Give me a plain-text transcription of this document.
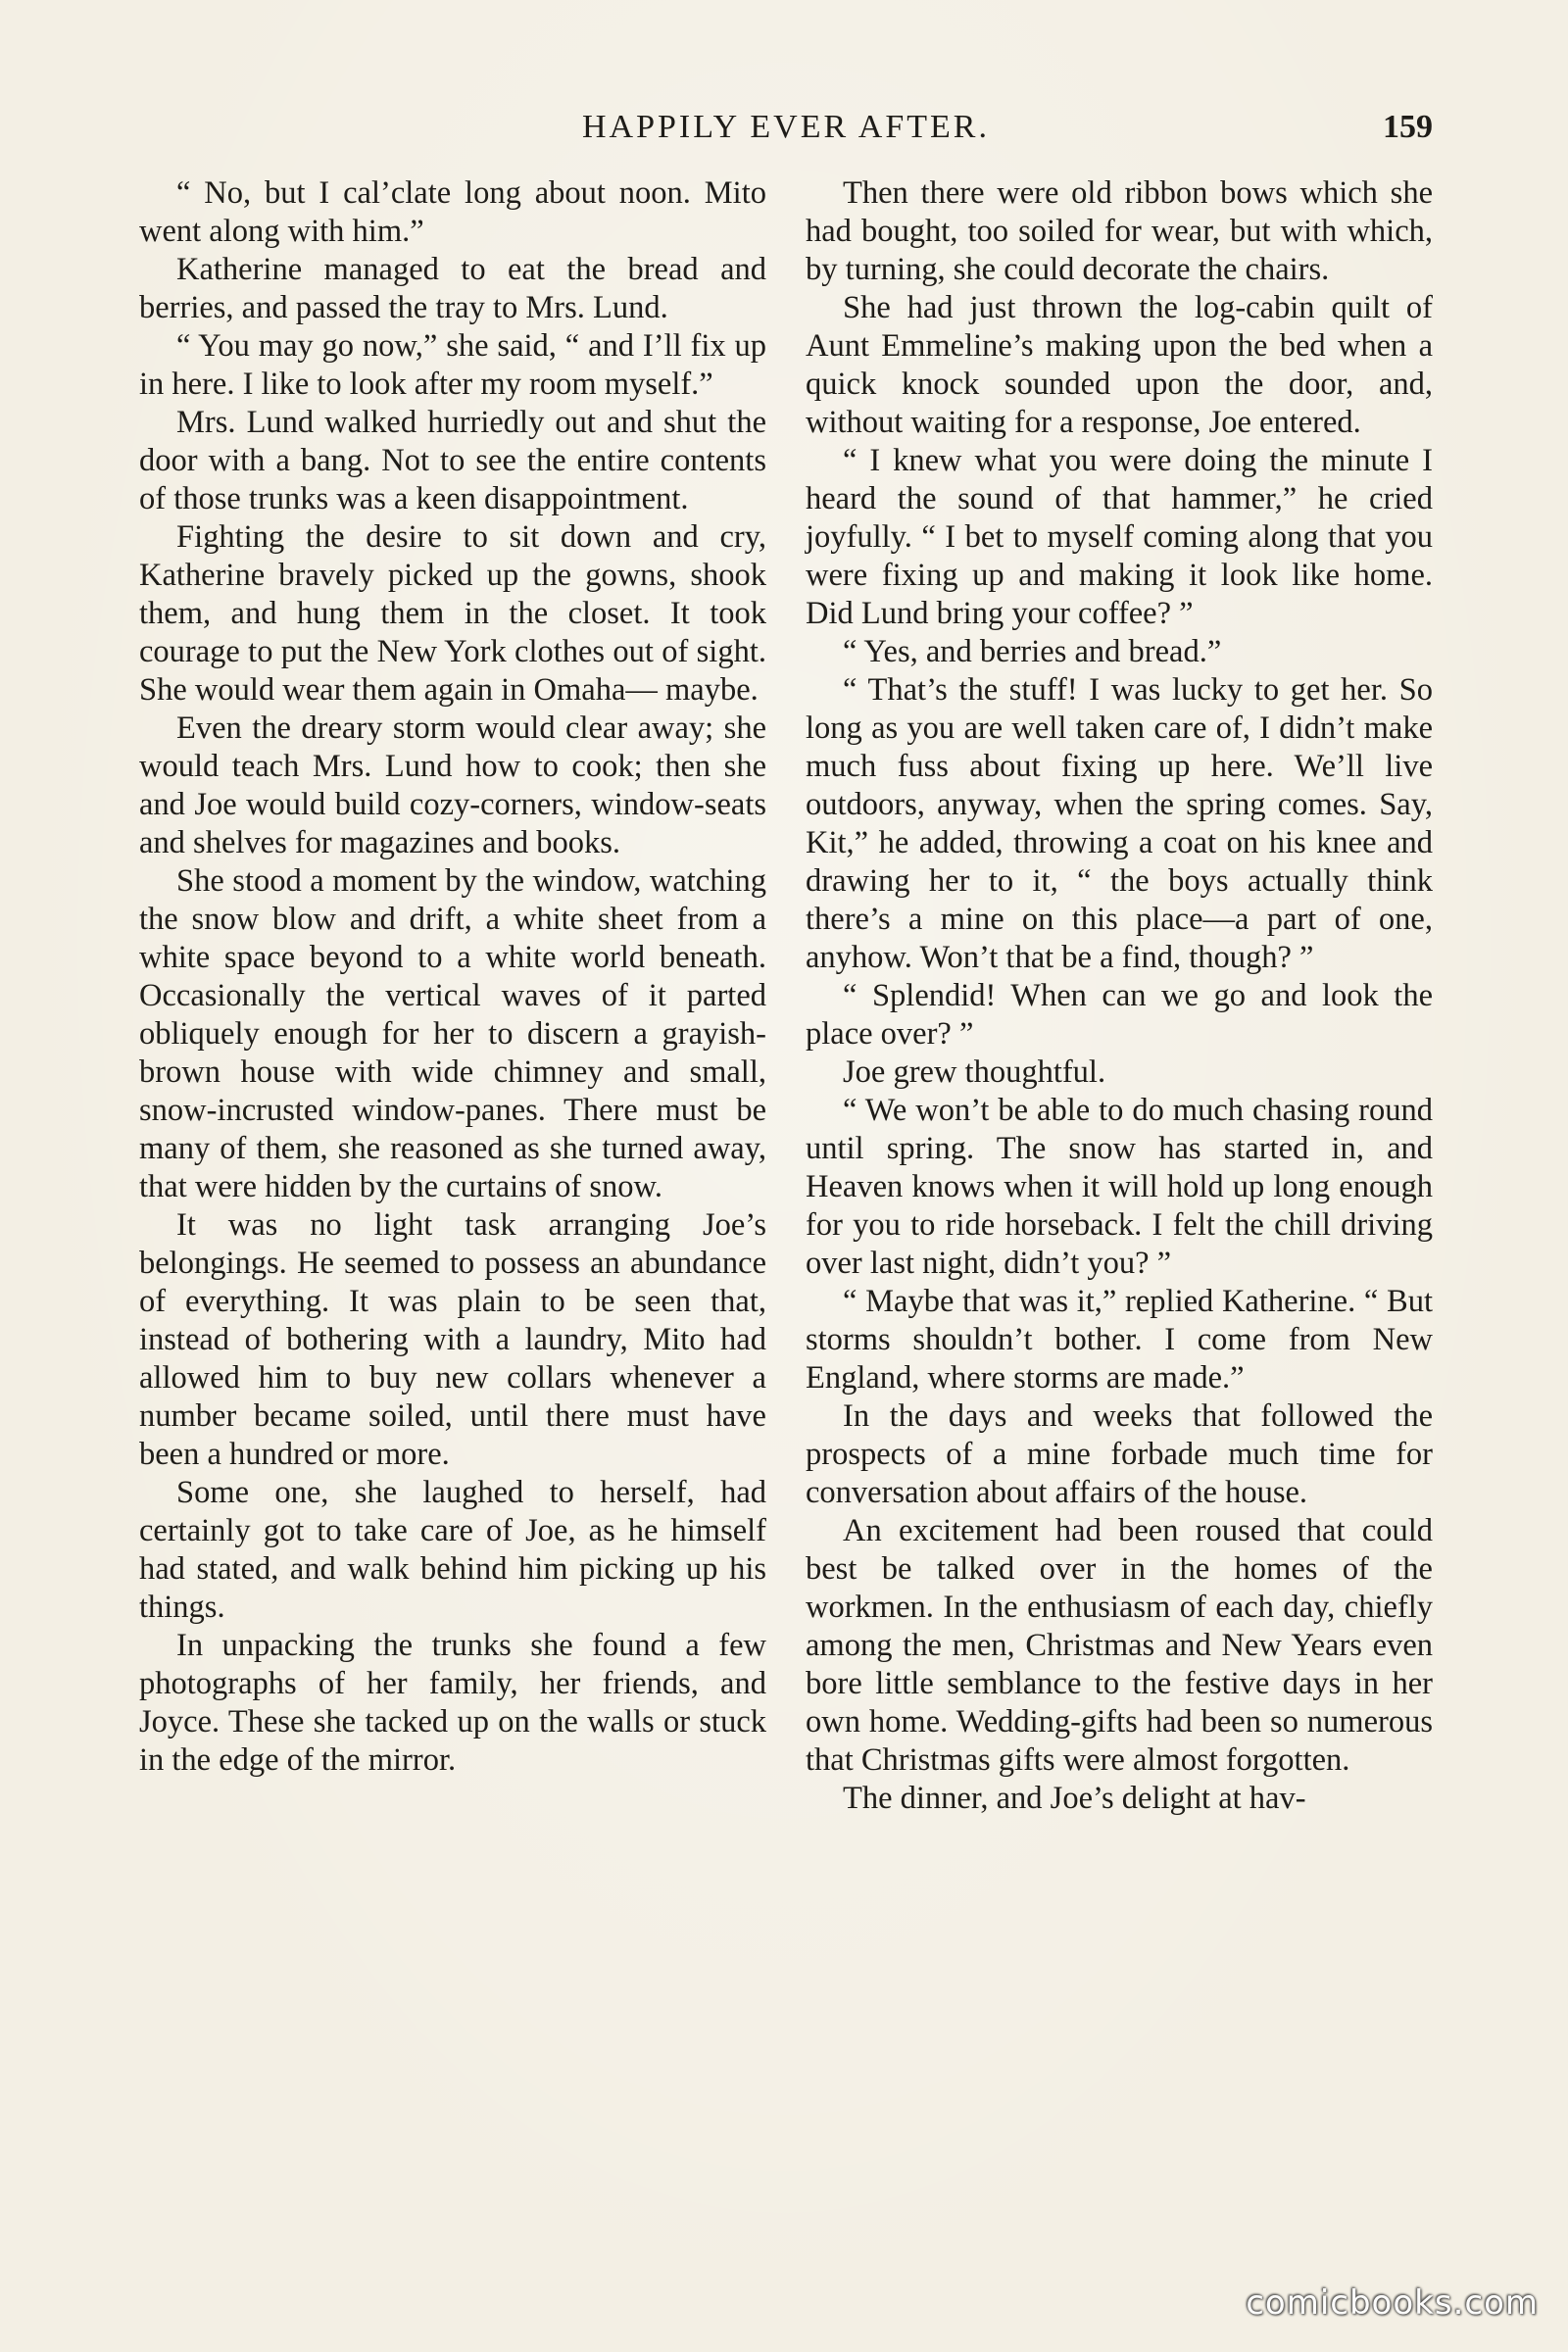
HAPPILY EVER AFTER.	159

“ No, but I cal’clate long about noon. Mito went along with him.”

Katherine managed to eat the bread and berries, and passed the tray to Mrs. Lund.

“ You may go now,” she said, “ and I’ll fix up in here. I like to look after my room myself.”

Mrs. Lund walked hurriedly out and shut the door with a bang. Not to see the entire contents of those trunks was a keen disappointment.

Fighting the desire to sit down and cry, Katherine bravely picked up the gowns, shook them, and hung them in the closet. It took courage to put the New York clothes out of sight. She would wear them again in Omaha— maybe.

Even the dreary storm would clear away; she would teach Mrs. Lund how to cook; then she and Joe would build cozy-corners, window-seats and shelves for magazines and books.

She stood a moment by the window, watching the snow blow and drift, a white sheet from a white space beyond to a white world beneath. Occasionally the vertical waves of it parted obliquely enough for her to discern a grayish-brown house with wide chimney and small, snow-incrusted window-panes. There must be many of them, she reasoned as she turned away, that were hidden by the curtains of snow.

It was no light task arranging Joe’s belongings. He seemed to possess an abundance of everything. It was plain to be seen that, instead of bothering with a laundry, Mito had allowed him to buy new collars whenever a number became soiled, until there must have been a hundred or more.

Some one, she laughed to herself, had certainly got to take care of Joe, as he himself had stated, and walk behind him picking up his things.

In unpacking the trunks she found a few photographs of her family, her friends, and Joyce. These she tacked up on the walls or stuck in the edge of the mirror.

Then there were old ribbon bows which she had bought, too soiled for wear, but with which, by turning, she could decorate the chairs.

She had just thrown the log-cabin quilt of Aunt Emmeline’s making upon the bed when a quick knock sounded upon the door, and, without waiting for a response, Joe entered.

“ I knew what you were doing the minute I heard the sound of that hammer,” he cried joyfully. “ I bet to myself coming along that you were fixing up and making it look like home. Did Lund bring your coffee? ”

“ Yes, and berries and bread.”

“ That’s the stuff! I was lucky to get her. So long as you are well taken care of, I didn’t make much fuss about fixing up here. We’ll live outdoors, anyway, when the spring comes. Say, Kit,” he added, throwing a coat on his knee and drawing her to it, “ the boys actually think there’s a mine on this place—a part of one, anyhow. Won’t that be a find, though? ”

“ Splendid! When can we go and look the place over? ”

Joe grew thoughtful.

“ We won’t be able to do much chasing round until spring. The snow has started in, and Heaven knows when it will hold up long enough for you to ride horseback. I felt the chill driving over last night, didn’t you? ”

“ Maybe that was it,” replied Katherine. “ But storms shouldn’t bother. I come from New England, where storms are made.”

In the days and weeks that followed the prospects of a mine forbade much time for conversation about affairs of the house.

An excitement had been roused that could best be talked over in the homes of the workmen. In the enthusiasm of each day, chiefly among the men, Christmas and New Years even bore little semblance to the festive days in her own home. Wedding-gifts had been so numerous that Christmas gifts were almost forgotten.

The dinner, and Joe’s delight at hav-

comicbooks.com
